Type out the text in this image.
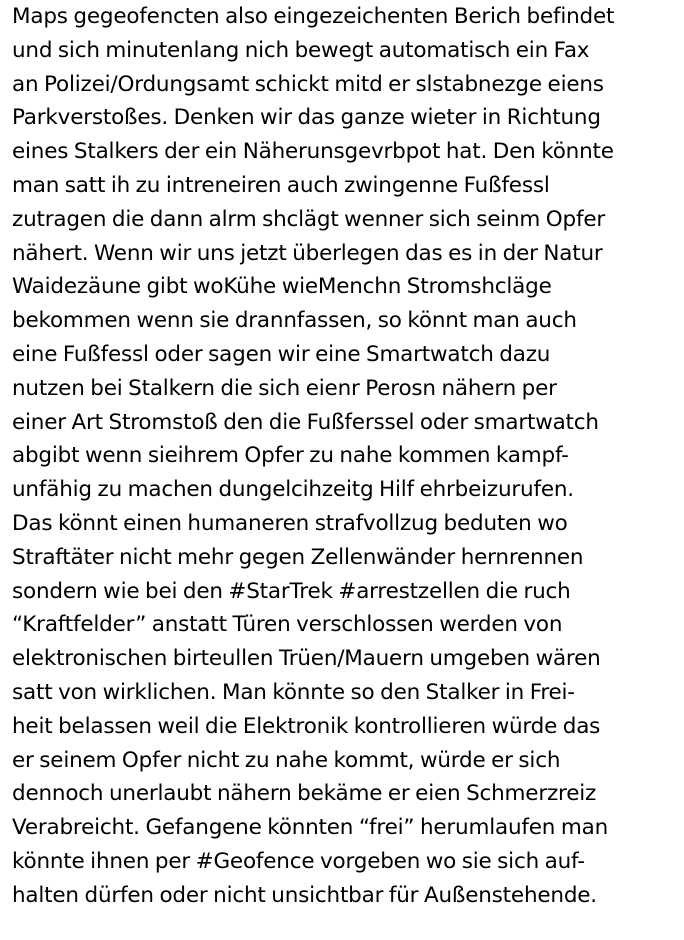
Maps gegeofencten also eingezeichenten Berich befindet
und sich minutenlang nich bewegt automatisch ein Fax
an Polizei/Ordungsamt schickt mitd er slstabnezge eiens
Parkverstoßes. Denken wir das ganze wieter in Richtung
eines Stalkers der ein Näherunsgevrbpot hat. Den könnte
man satt ih zu intreneiren auch zwingenne Fußfessl
zutragen die dann alrm shclägt wenner sich seinm Opfer
nähert. Wenn wir uns jetzt überlegen das es in der Natur
Waidezäune gibt woKühe wieMenchn Stromshcläge
bekommen wenn sie drannfassen, so könnt man auch
eine Fußfessl oder sagen wir eine Smartwatch dazu
nutzen bei Stalkern die sich eienr Perosn nähern per
einer Art Stromstoß den die Fußferssel oder smartwatch
abgibt wenn sieihrem Opfer zu nahe kommen kampf-
unfähig zu machen dungelcihzeitg Hilf ehrbeizurufen.
Das könnt einen humaneren strafvollzug beduten wo
Straftäter nicht mehr gegen Zellenwänder hernrennen
sondern wie bei den #StarTrek #arrestzellen die ruch
“Kraftfelder” anstatt Türen verschlossen werden von
elektronischen birteullen Trüen/Mauern umgeben wären
satt von wirklichen. Man könnte so den Stalker in Frei-
heit belassen weil die Elektronik kontrollieren würde das
er seinem Opfer nicht zu nahe kommt, würde er sich
dennoch unerlaubt nähern bekäme er eien Schmerzreiz
Verabreicht. Gefangene könnten “frei” herumlaufen man
könnte ihnen per #Geofence vorgeben wo sie sich auf-
halten dürfen oder nicht unsichtbar für Außenstehende.
